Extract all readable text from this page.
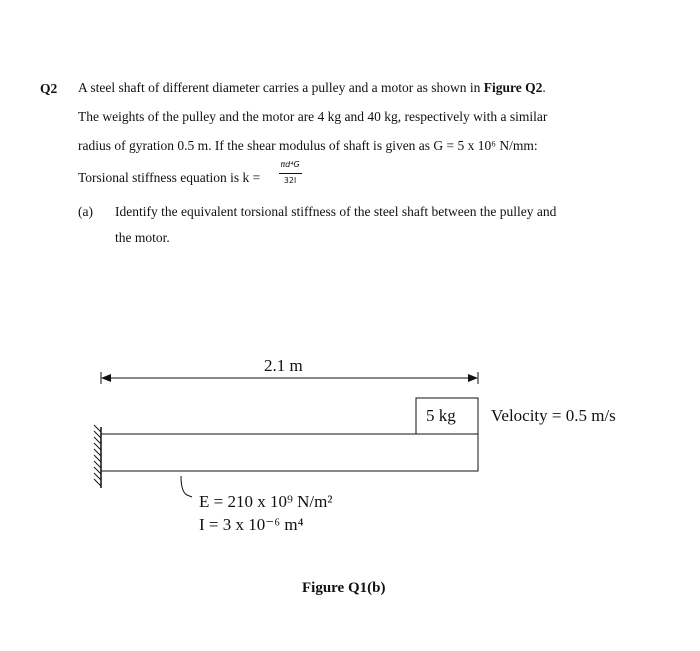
Q2 A steel shaft of different diameter carries a pulley and a motor as shown in Figure Q2.
The weights of the pulley and the motor are 4 kg and 40 kg, respectively with a similar
radius of gyration 0.5 m. If the shear modulus of shaft is given as G = 5 x 10⁶ N/mm:
Torsional stiffness equation is k =
πd⁴G
32l
(a) Identify the equivalent torsional stiffness of the steel shaft between the pulley and
the motor.
2.1 m
5 kg Velocity = 0.5 m/s
E = 210 x 10⁹ N/m²
I = 3 x 10⁻⁶ m⁴
Figure Q1(b)
